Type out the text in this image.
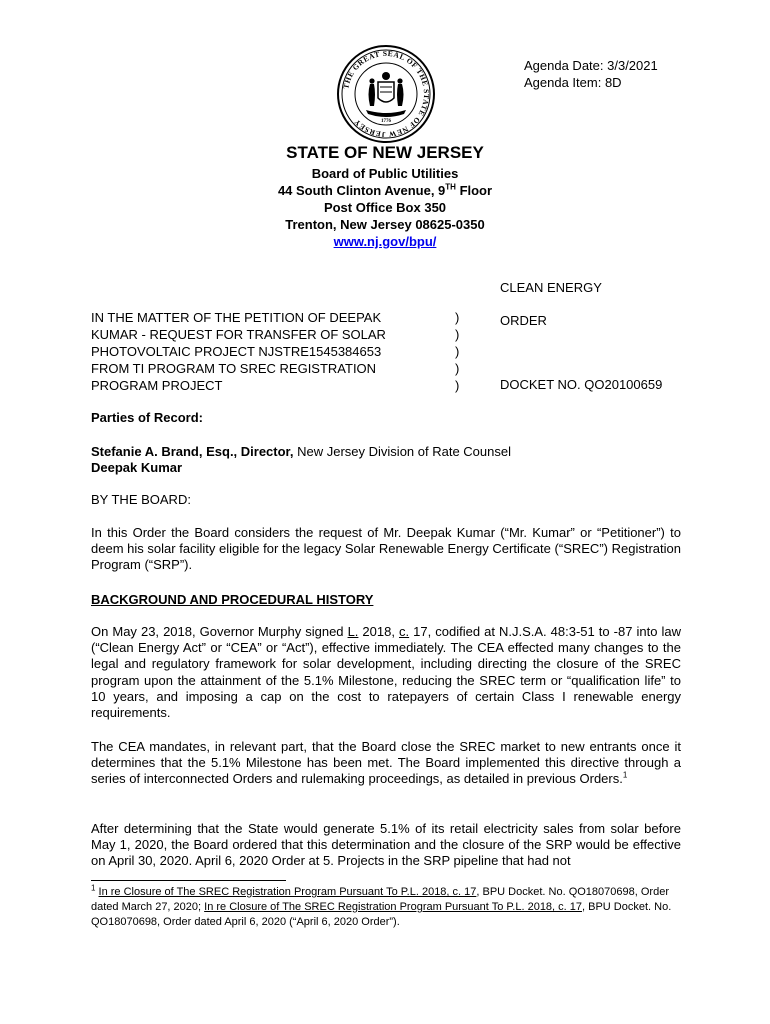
Agenda Date: 3/3/2021
Agenda Item: 8D
THE GREAT SEAL OF THE STATE OF NEW JERSEY	1776
STATE OF NEW JERSEY
Board of Public Utilities
44 South Clinton Avenue, 9TH Floor
Post Office Box 350
Trenton, New Jersey 08625-0350
www.nj.gov/bpu/
CLEAN ENERGY
IN THE MATTER OF THE PETITION OF DEEPAK
KUMAR - REQUEST FOR TRANSFER OF SOLAR
PHOTOVOLTAIC PROJECT NJSTRE1545384653
FROM TI PROGRAM TO SREC REGISTRATION
PROGRAM PROJECT
)
)
)
)
)
ORDER
DOCKET NO. QO20100659
Parties of Record:
Stefanie A. Brand, Esq., Director, New Jersey Division of Rate Counsel
Deepak Kumar
BY THE BOARD:
In this Order the Board considers the request of Mr. Deepak Kumar (“Mr. Kumar” or “Petitioner”) to deem his solar facility eligible for the legacy Solar Renewable Energy Certificate (“SREC”) Registration Program (“SRP”).
BACKGROUND AND PROCEDURAL HISTORY
On May 23, 2018, Governor Murphy signed L. 2018, c. 17, codified at N.J.S.A. 48:3-51 to -87 into law (“Clean Energy Act” or “CEA” or “Act”), effective immediately. The CEA effected many changes to the legal and regulatory framework for solar development, including directing the closure of the SREC program upon the attainment of the 5.1% Milestone, reducing the SREC term or “qualification life” to 10 years, and imposing a cap on the cost to ratepayers of certain Class I renewable energy requirements.
The CEA mandates, in relevant part, that the Board close the SREC market to new entrants once it determines that the 5.1% Milestone has been met. The Board implemented this directive through a series of interconnected Orders and rulemaking proceedings, as detailed in previous Orders.$^1$
After determining that the State would generate 5.1% of its retail electricity sales from solar before May 1, 2020, the Board ordered that this determination and the closure of the SRP would be effective on April 30, 2020. April 6, 2020 Order at 5. Projects in the SRP pipeline that had not
$^1$ In re Closure of The SREC Registration Program Pursuant To P.L. 2018, c. 17, BPU Docket. No. QO18070698, Order dated March 27, 2020; In re Closure of The SREC Registration Program Pursuant To P.L. 2018, c. 17, BPU Docket. No. QO18070698, Order dated April 6, 2020 (“April 6, 2020 Order”).
